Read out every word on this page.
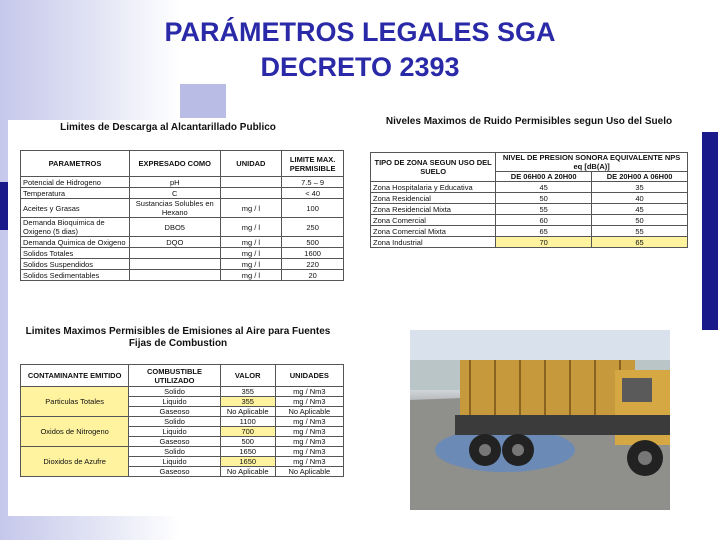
PARÁMETROS LEGALES SGA
DECRETO 2393
Limites de Descarga al Alcantarillado Publico
PARAMETROS	EXPRESADO COMO	UNIDAD	LIMITE MAX. PERMISIBLE
Potencial de Hidrogeno	pH		7.5 – 9
Temperatura	C		< 40
Aceites y Grasas	Sustancias Solubles en Hexano	mg / l	100
Demanda Bioquimica de Oxigeno (5 dias)	DBO5	mg / l	250
Demanda Quimica de Oxigeno	DQO	mg / l	500
Solidos Totales		mg / l	1600
Solidos Suspendidos		mg / l	220
Solidos Sedimentables		mg / l	20
Limites Maximos Permisibles de Emisiones al Aire para Fuentes Fijas de Combustion
CONTAMINANTE EMITIDO	COMBUSTIBLE UTILIZADO	VALOR	UNIDADES
Particulas Totales	Solido	355	mg / Nm3
	Liquido	355	mg / Nm3
	Gaseoso	No Aplicable	No Aplicable
Oxidos de Nitrogeno	Solido	1100	mg / Nm3
	Liquido	700	mg / Nm3
	Gaseoso	500	mg / Nm3
Dioxidos de Azufre	Solido	1650	mg / Nm3
	Liquido	1650	mg / Nm3
	Gaseoso	No Aplicable	No Aplicable
Niveles Maximos de Ruido Permisibles segun Uso del Suelo
TIPO DE ZONA SEGUN USO DEL SUELO	NIVEL DE PRESION SONORA EQUIVALENTE NPS eq [dB(A)]	
	DE 06H00 A 20H00	DE 20H00 A 06H00
Zona Hospitalaria y Educativa	45	35
Zona Residencial	50	40
Zona Residencial Mixta	55	45
Zona Comercial	60	50
Zona Comercial Mixta	65	55
Zona Industrial	70	65
